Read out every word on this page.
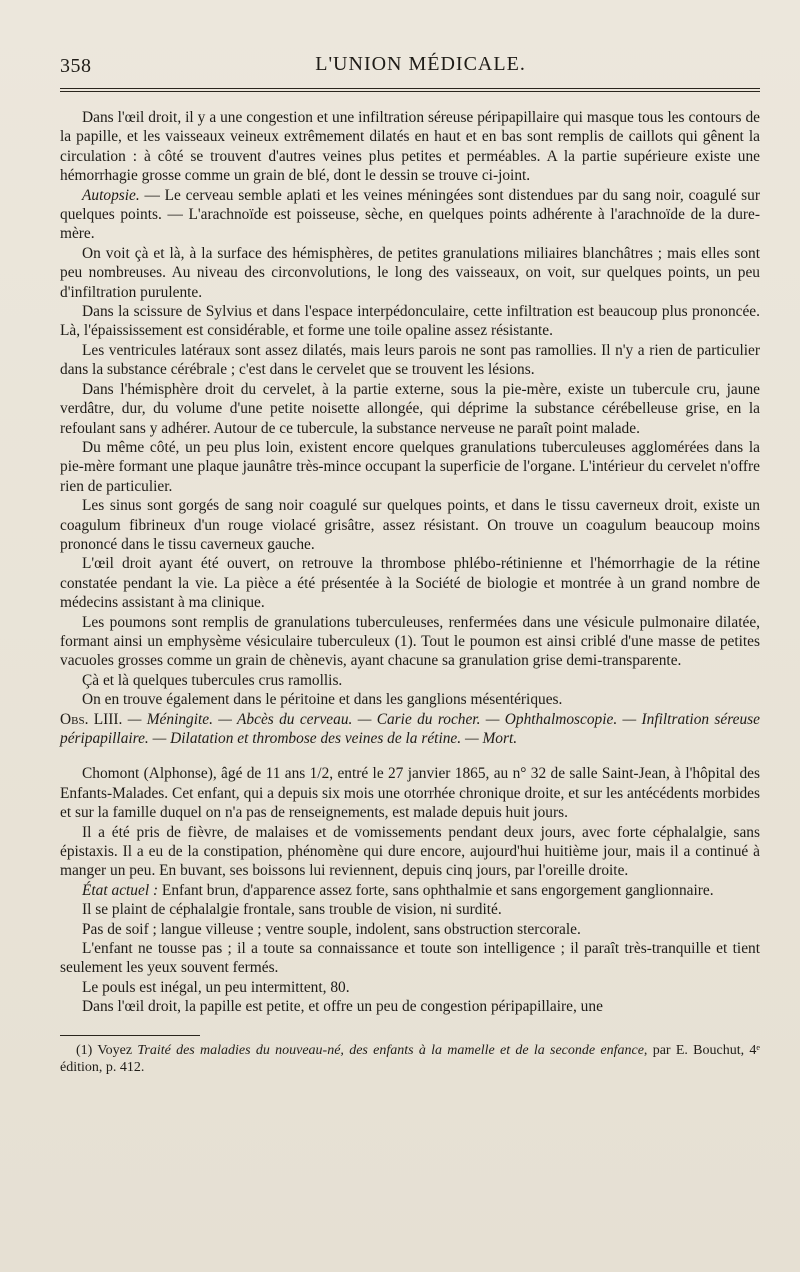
358	L'UNION MÉDICALE.

Dans l'œil droit, il y a une congestion et une infiltration séreuse péripapillaire qui masque tous les contours de la papille, et les vaisseaux veineux extrêmement dilatés en haut et en bas sont remplis de caillots qui gênent la circulation : à côté se trouvent d'autres veines plus petites et perméables. A la partie supérieure existe une hémorrhagie grosse comme un grain de blé, dont le dessin se trouve ci-joint.

Autopsie. — Le cerveau semble aplati et les veines méningées sont distendues par du sang noir, coagulé sur quelques points. — L'arachnoïde est poisseuse, sèche, en quelques points adhérente à l'arachnoïde de la dure-mère.

On voit çà et là, à la surface des hémisphères, de petites granulations miliaires blanchâtres ; mais elles sont peu nombreuses. Au niveau des circonvolutions, le long des vaisseaux, on voit, sur quelques points, un peu d'infiltration purulente.

Dans la scissure de Sylvius et dans l'espace interpédonculaire, cette infiltration est beaucoup plus prononcée. Là, l'épaississement est considérable, et forme une toile opaline assez résistante.

Les ventricules latéraux sont assez dilatés, mais leurs parois ne sont pas ramollies. Il n'y a rien de particulier dans la substance cérébrale ; c'est dans le cervelet que se trouvent les lésions.

Dans l'hémisphère droit du cervelet, à la partie externe, sous la pie-mère, existe un tubercule cru, jaune verdâtre, dur, du volume d'une petite noisette allongée, qui déprime la substance cérébelleuse grise, en la refoulant sans y adhérer. Autour de ce tubercule, la substance nerveuse ne paraît point malade.

Du même côté, un peu plus loin, existent encore quelques granulations tuberculeuses agglomérées dans la pie-mère formant une plaque jaunâtre très-mince occupant la superficie de l'organe. L'intérieur du cervelet n'offre rien de particulier.

Les sinus sont gorgés de sang noir coagulé sur quelques points, et dans le tissu caverneux droit, existe un coagulum fibrineux d'un rouge violacé grisâtre, assez résistant. On trouve un coagulum beaucoup moins prononcé dans le tissu caverneux gauche.

L'œil droit ayant été ouvert, on retrouve la thrombose phlébo-rétinienne et l'hémorrhagie de la rétine constatée pendant la vie. La pièce a été présentée à la Société de biologie et montrée à un grand nombre de médecins assistant à ma clinique.

Les poumons sont remplis de granulations tuberculeuses, renfermées dans une vésicule pulmonaire dilatée, formant ainsi un emphysème vésiculaire tuberculeux (1). Tout le poumon est ainsi criblé d'une masse de petites vacuoles grosses comme un grain de chènevis, ayant chacune sa granulation grise demi-transparente.

Çà et là quelques tubercules crus ramollis.

On en trouve également dans le péritoine et dans les ganglions mésentériques.

Obs. LIII. — Méningite. — Abcès du cerveau. — Carie du rocher. — Ophthalmoscopie. — Infiltration séreuse péripapillaire. — Dilatation et thrombose des veines de la rétine. — Mort.

Chomont (Alphonse), âgé de 11 ans 1/2, entré le 27 janvier 1865, au n° 32 de salle Saint-Jean, à l'hôpital des Enfants-Malades. Cet enfant, qui a depuis six mois une otorrhée chronique droite, et sur les antécédents morbides et sur la famille duquel on n'a pas de renseignements, est malade depuis huit jours.

Il a été pris de fièvre, de malaises et de vomissements pendant deux jours, avec forte céphalalgie, sans épistaxis. Il a eu de la constipation, phénomène qui dure encore, aujourd'hui huitième jour, mais il a continué à manger un peu. En buvant, ses boissons lui reviennent, depuis cinq jours, par l'oreille droite.

État actuel : Enfant brun, d'apparence assez forte, sans ophthalmie et sans engorgement ganglionnaire.

Il se plaint de céphalalgie frontale, sans trouble de vision, ni surdité.

Pas de soif ; langue villeuse ; ventre souple, indolent, sans obstruction stercorale.

L'enfant ne tousse pas ; il a toute sa connaissance et toute son intelligence ; il paraît très-tranquille et tient seulement les yeux souvent fermés.

Le pouls est inégal, un peu intermittent, 80.

Dans l'œil droit, la papille est petite, et offre un peu de congestion péripapillaire, une

(1) Voyez Traité des maladies du nouveau-né, des enfants à la mamelle et de la seconde enfance, par E. Bouchut, 4ᵉ édition, p. 412.
